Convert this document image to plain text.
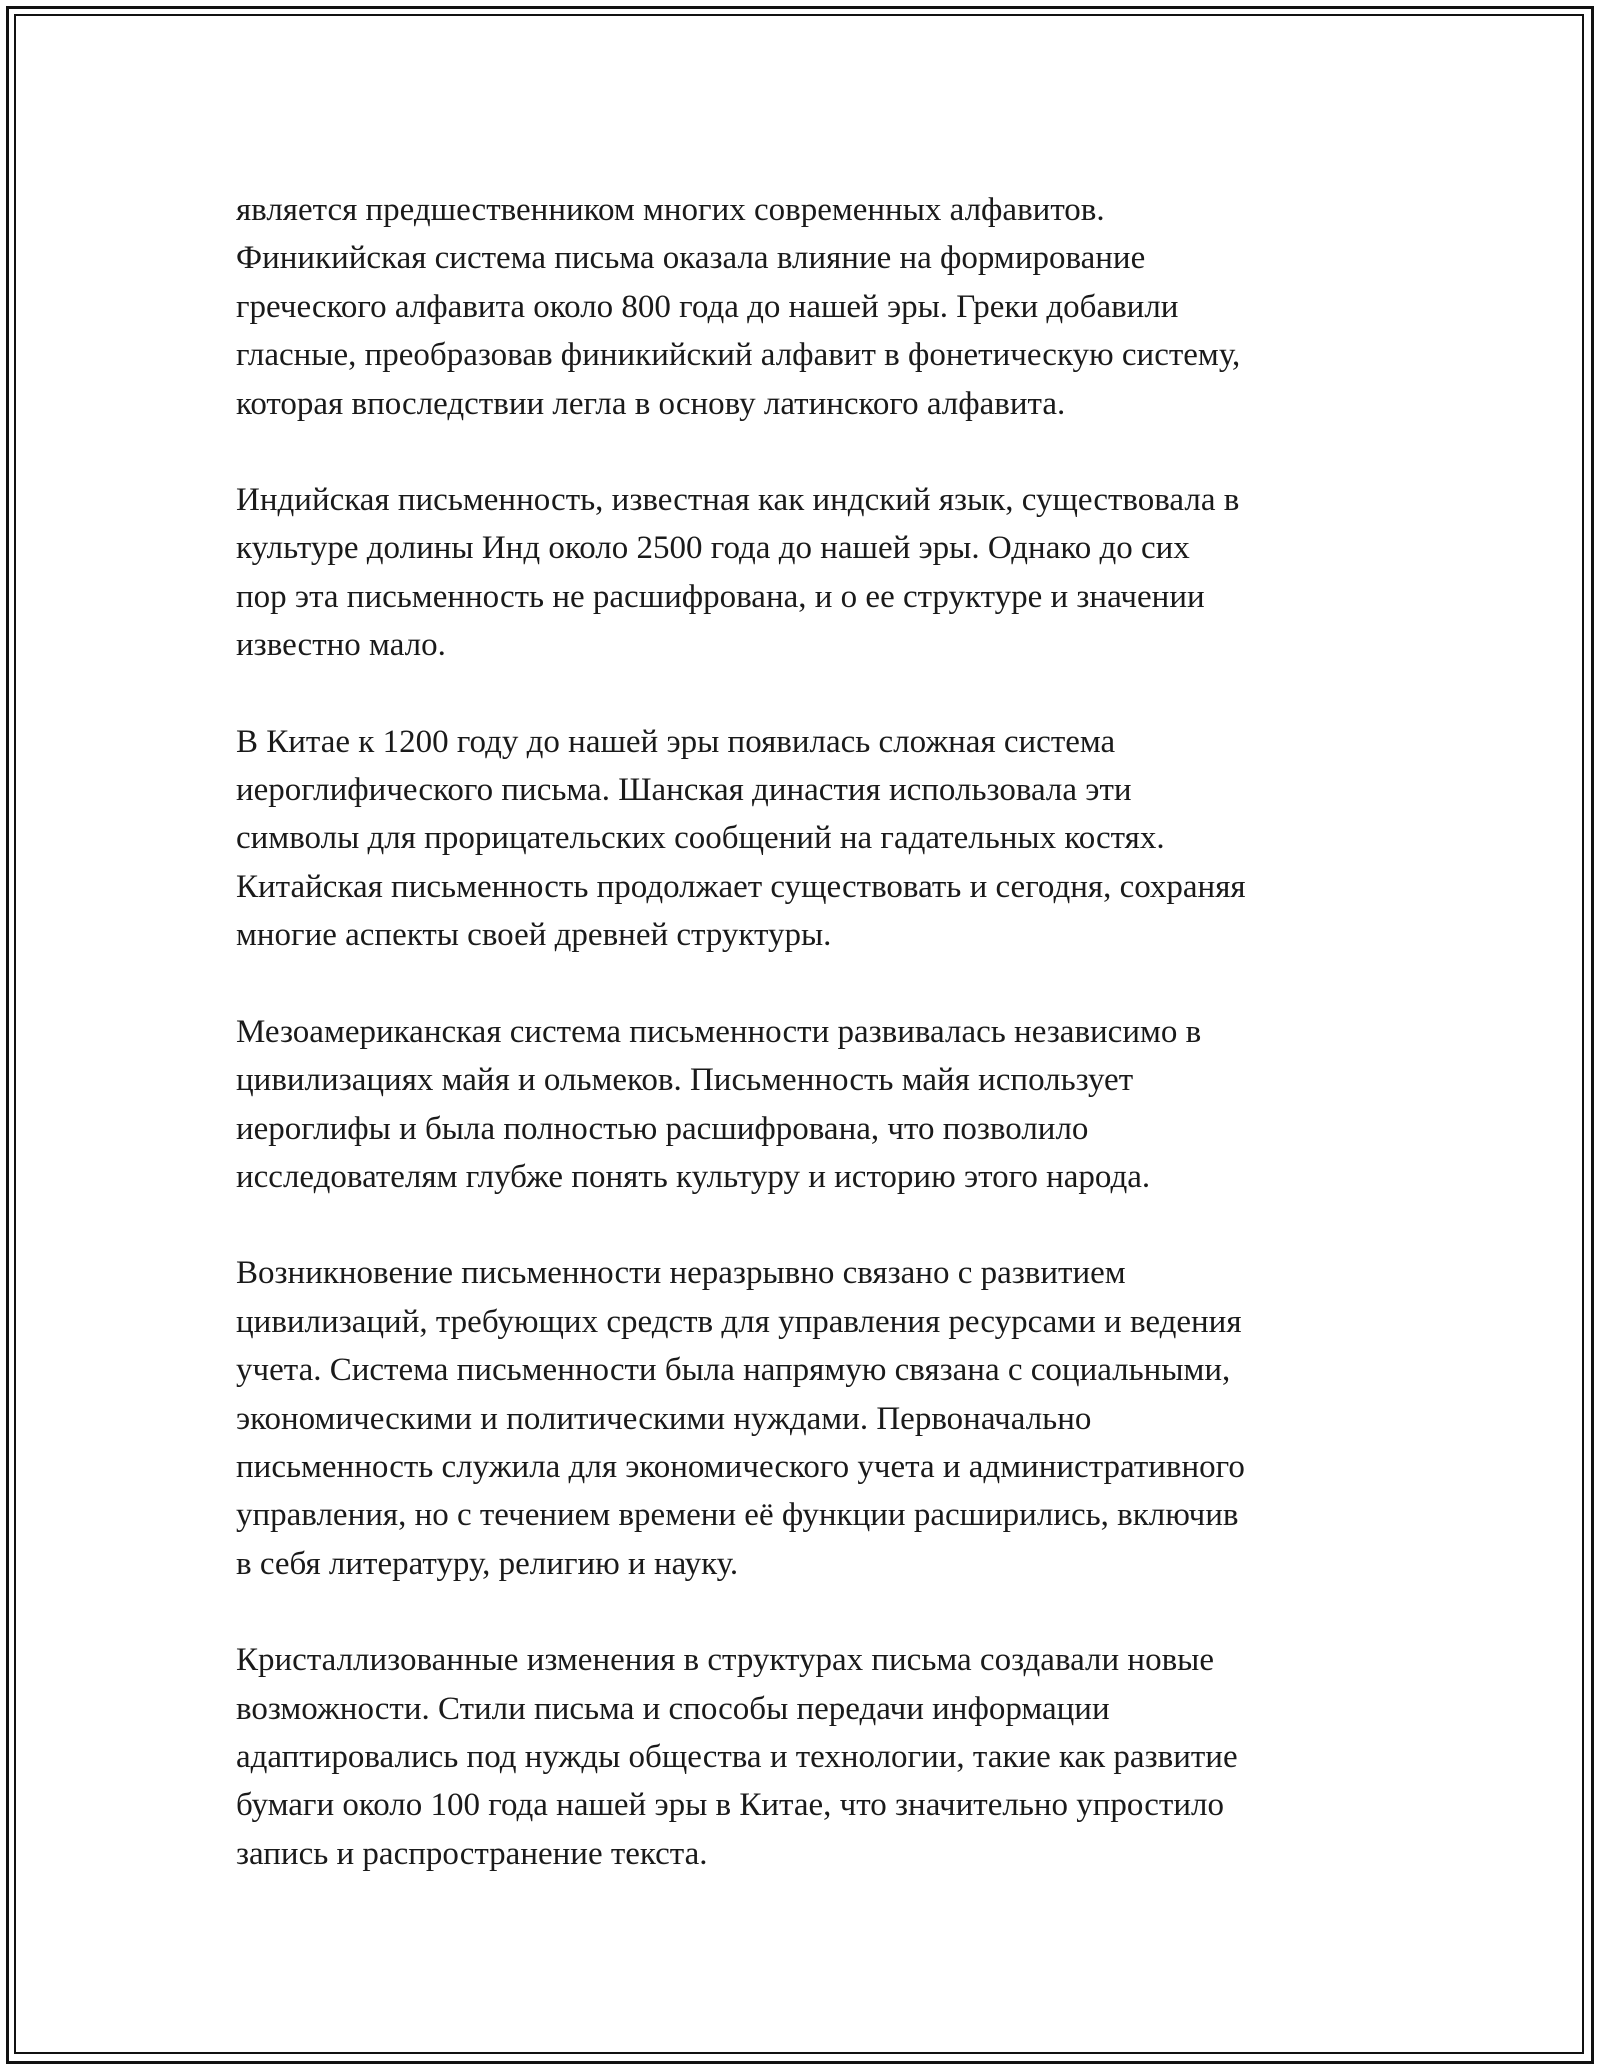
является предшественником многих современных алфавитов.
Финикийская система письма оказала влияние на формирование
греческого алфавита около 800 года до нашей эры. Греки добавили
гласные, преобразовав финикийский алфавит в фонетическую систему,
которая впоследствии легла в основу латинского алфавита.

Индийская письменность, известная как индский язык, существовала в
культуре долины Инд около 2500 года до нашей эры. Однако до сих
пор эта письменность не расшифрована, и о ее структуре и значении
известно мало.

В Китае к 1200 году до нашей эры появилась сложная система
иероглифического письма. Шанская династия использовала эти
символы для прорицательских сообщений на гадательных костях.
Китайская письменность продолжает существовать и сегодня, сохраняя
многие аспекты своей древней структуры.

Мезоамериканская система письменности развивалась независимо в
цивилизациях майя и ольмеков. Письменность майя использует
иероглифы и была полностью расшифрована, что позволило
исследователям глубже понять культуру и историю этого народа.

Возникновение письменности неразрывно связано с развитием
цивилизаций, требующих средств для управления ресурсами и ведения
учета. Система письменности была напрямую связана с социальными,
экономическими и политическими нуждами. Первоначально
письменность служила для экономического учета и административного
управления, но с течением времени её функции расширились, включив
в себя литературу, религию и науку.

Кристаллизованные изменения в структурах письма создавали новые
возможности. Стили письма и способы передачи информации
адаптировались под нужды общества и технологии, такие как развитие
бумаги около 100 года нашей эры в Китае, что значительно упростило
запись и распространение текста.
